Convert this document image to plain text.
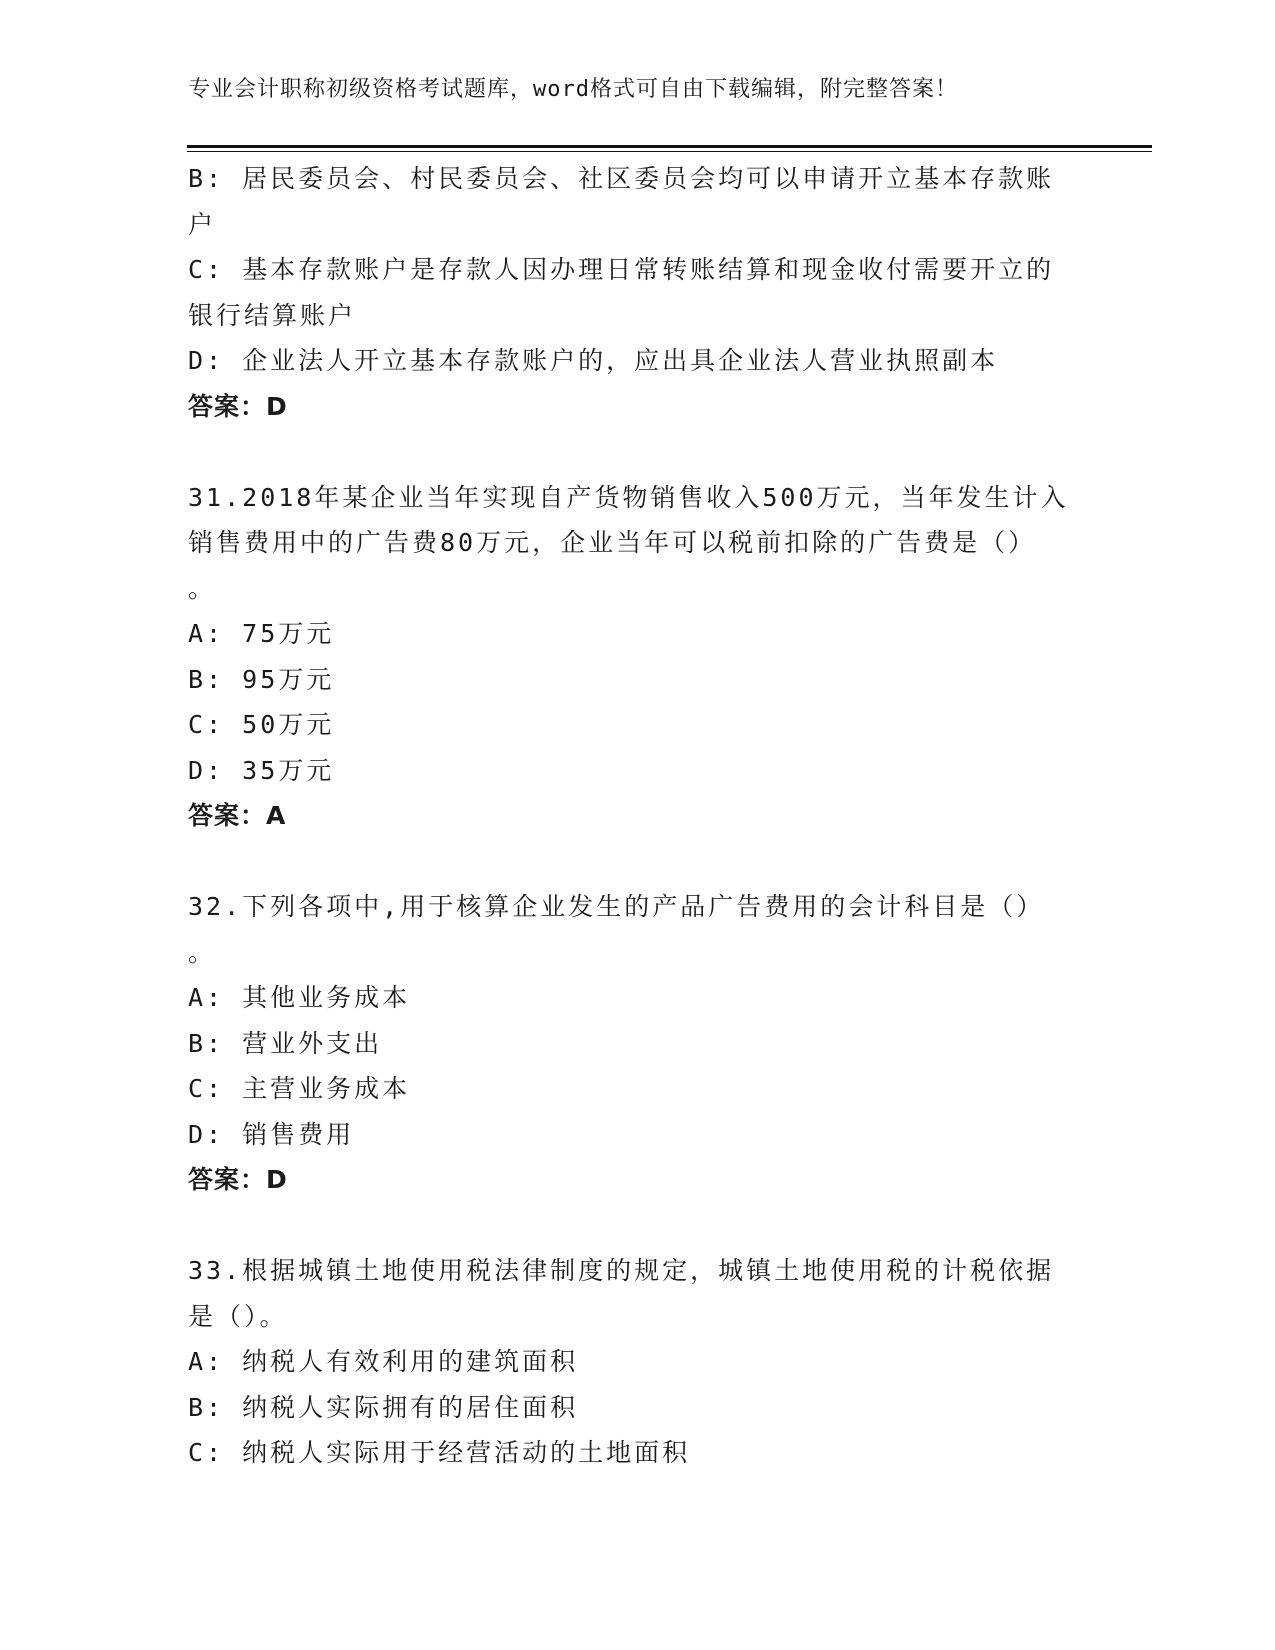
专业会计职称初级资格考试题库，word格式可自由下载编辑，附完整答案！
B: 居民委员会、村民委员会、社区委员会均可以申请开立基本存款账
户
C: 基本存款账户是存款人因办理日常转账结算和现金收付需要开立的
银行结算账户
D: 企业法人开立基本存款账户的，应出具企业法人营业执照副本
答案：D
31.2018年某企业当年实现自产货物销售收入500万元，当年发生计入
销售费用中的广告费80万元，企业当年可以税前扣除的广告费是（）
。
A: 75万元
B: 95万元
C: 50万元
D: 35万元
答案：A
32.下列各项中,用于核算企业发生的产品广告费用的会计科目是（）
。
A: 其他业务成本
B: 营业外支出
C: 主营业务成本
D: 销售费用
答案：D
33.根据城镇土地使用税法律制度的规定，城镇土地使用税的计税依据
是（）。
A: 纳税人有效利用的建筑面积
B: 纳税人实际拥有的居住面积
C: 纳税人实际用于经营活动的土地面积
